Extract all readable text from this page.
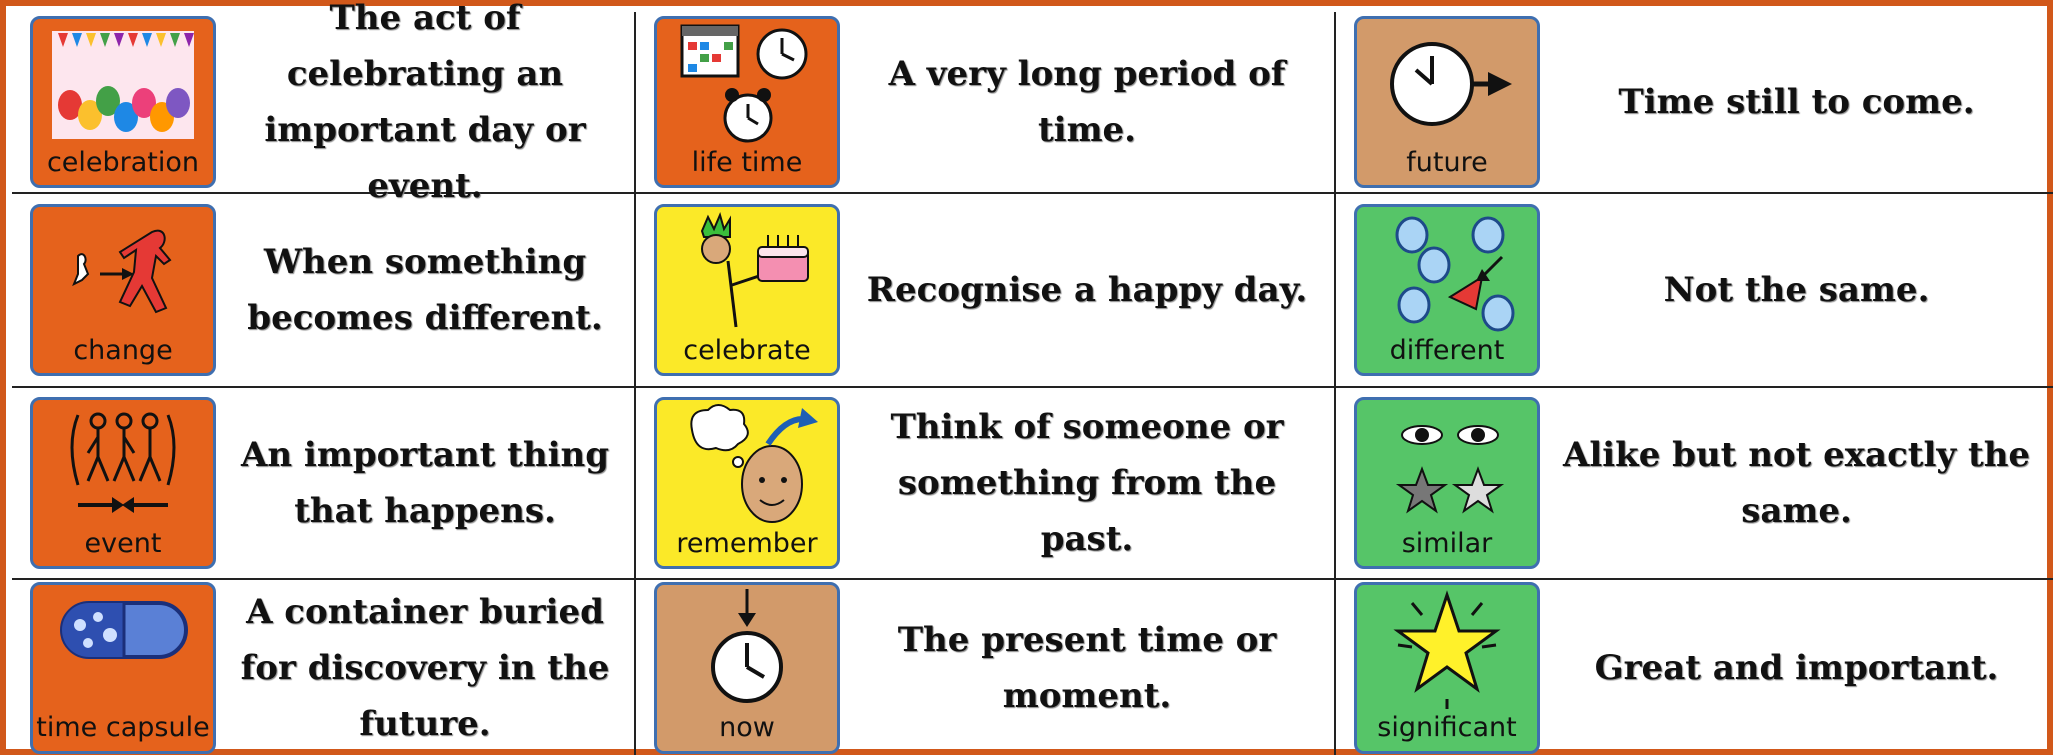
celebration
The act of celebrating an important day or event.
life time
A very long period of time.
future
Time still to come.
change
When something becomes different.
celebrate
Recognise a happy day.
different
Not the same.
event
An important thing that happens.
remember
Think of someone or something from the past.	similar
Alike but not exactly the same.
time capsule
A container buried for discovery in the future.	now
The present time or moment.
significant
Great and important.
